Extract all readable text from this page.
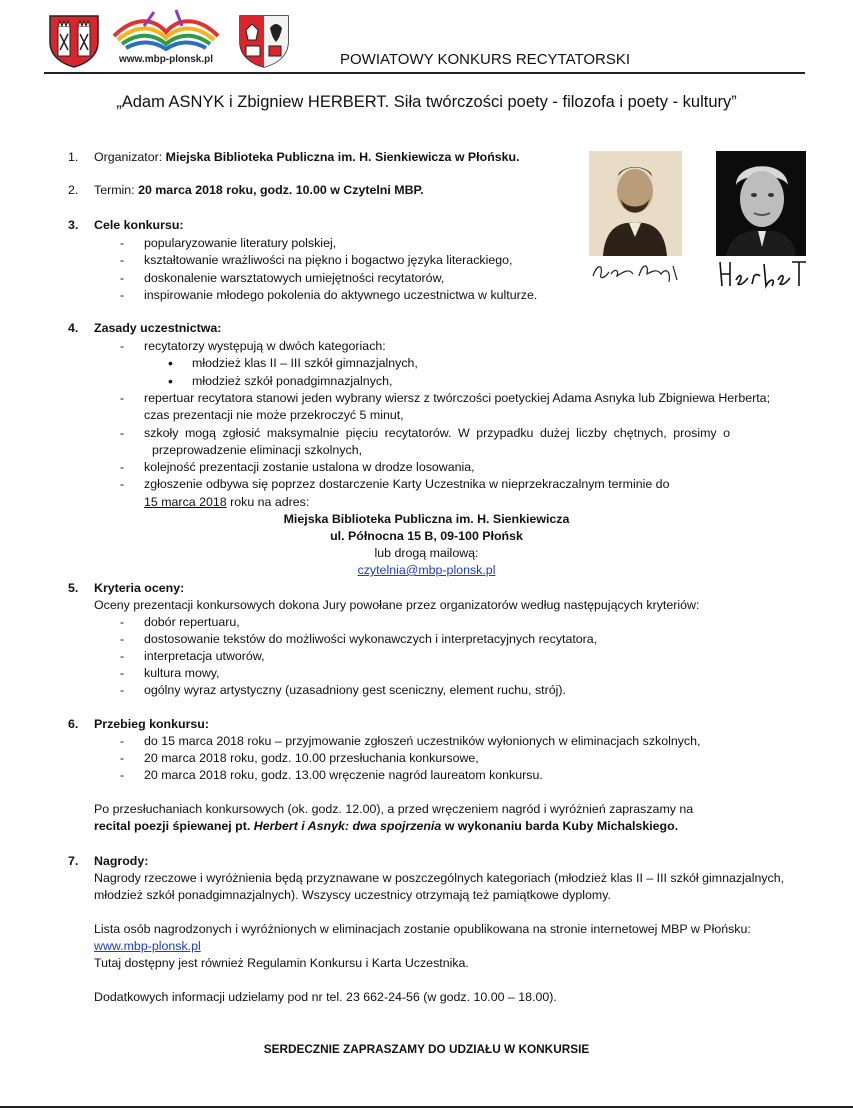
www.mbp-plonsk.pl	POWIATOWY KONKURS RECYTATORSKI
„Adam ASNYK i Zbigniew HERBERT. Siła twórczości poety - filozofa i poety - kultury”
1. Organizator: Miejska Biblioteka Publiczna im. H. Sienkiewicza w Płońsku.
2. Termin: 20 marca 2018 roku, godz. 10.00 w Czytelni MBP.
3. Cele konkursu:
- popularyzowanie literatury polskiej,
- kształtowanie wrażliwości na piękno i bogactwo języka literackiego,
- doskonalenie warsztatowych umiejętności recytatorów,
- inspirowanie młodego pokolenia do aktywnego uczestnictwa w kulturze.
4. Zasady uczestnictwa:
- recytatorzy występują w dwóch kategoriach:
• młodzież klas II – III szkół gimnazjalnych,
• młodzież szkół ponadgimnazjalnych,
- repertuar recytatora stanowi jeden wybrany wiersz z twórczości poetyckiej Adama Asnyka lub Zbigniewa Herberta;
czas prezentacji nie może przekroczyć 5 minut,
- szkoły mogą zgłosić maksymalnie pięciu recytatorów. W przypadku dużej liczby chętnych, prosimy o
przeprowadzenie eliminacji szkolnych,
- kolejność prezentacji zostanie ustalona w drodze losowania,
- zgłoszenie odbywa się poprzez dostarczenie Karty Uczestnika w nieprzekraczalnym terminie do
15 marca 2018 roku na adres:
Miejska Biblioteka Publiczna im. H. Sienkiewicza
ul. Północna 15 B, 09-100 Płońsk
lub drogą mailową:
czytelnia@mbp-plonsk.pl
5. Kryteria oceny:
Oceny prezentacji konkursowych dokona Jury powołane przez organizatorów według następujących kryteriów:
- dobór repertuaru,
- dostosowanie tekstów do możliwości wykonawczych i interpretacyjnych recytatora,
- interpretacja utworów,
- kultura mowy,
- ogólny wyraz artystyczny (uzasadniony gest sceniczny, element ruchu, strój).
6. Przebieg konkursu:
- do 15 marca 2018 roku – przyjmowanie zgłoszeń uczestników wyłonionych w eliminacjach szkolnych,
- 20 marca 2018 roku, godz. 10.00 przesłuchania konkursowe,
- 20 marca 2018 roku, godz. 13.00 wręczenie nagród laureatom konkursu.
Po przesłuchaniach konkursowych (ok. godz. 12.00), a przed wręczeniem nagród i wyróżnień zapraszamy na
recital poezji śpiewanej pt. Herbert i Asnyk: dwa spojrzenia w wykonaniu barda Kuby Michalskiego.
7. Nagrody:
Nagrody rzeczowe i wyróżnienia będą przyznawane w poszczególnych kategoriach (młodzież klas II – III szkół gimnazjalnych,
młodzież szkół ponadgimnazjalnych). Wszyscy uczestnicy otrzymają też pamiątkowe dyplomy.
Lista osób nagrodzonych i wyróżnionych w eliminacjach zostanie opublikowana na stronie internetowej MBP w Płońsku:
www.mbp-plonsk.pl
Tutaj dostępny jest również Regulamin Konkursu i Karta Uczestnika.
Dodatkowych informacji udzielamy pod nr tel. 23 662-24-56 (w godz. 10.00 – 18.00).
SERDECZNIE ZAPRASZAMY DO UDZIAŁU W KONKURSIE
